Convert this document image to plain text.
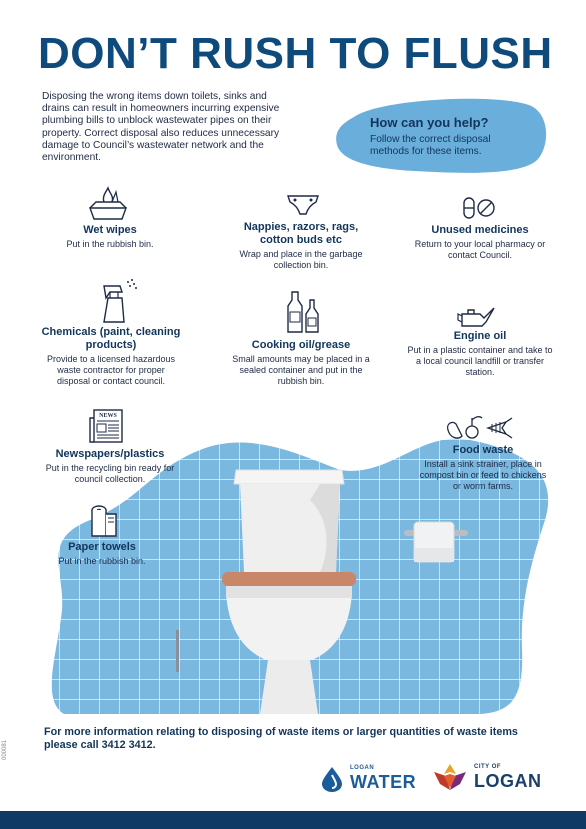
DON’T RUSH TO FLUSH
Disposing the wrong items down toilets, sinks and drains can result in homeowners incurring expensive plumbing bills to unblock wastewater pipes on their property. Correct disposal also reduces unnecessary damage to Council’s wastewater network and the environment.
How can you help?
Follow the correct disposal methods for these items.
Wet wipes
Put in the rubbish bin.
Nappies, razors, rags, cotton buds etc
Wrap and place in the garbage collection bin.
Unused medicines
Return to your local pharmacy or contact Council.
Chemicals (paint, cleaning products)
Provide to a licensed hazardous waste contractor for proper disposal or contact council.
Cooking oil/grease
Small amounts may be placed in a sealed container and put in the rubbish bin.
Engine oil
Put in a plastic container and take to a local council landfill or transfer station.
NEWS
Newspapers/plastics
Put in the recycling bin ready for council collection.
Food waste
Install a sink strainer, place in compost bin or feed to chickens or worm farms.
Paper towels
Put in the rubbish bin.
For more information relating to disposing of waste items or larger quantities of waste items please call 3412 3412.
000081
LOGAN
WATER
CITY OF
LOGAN
